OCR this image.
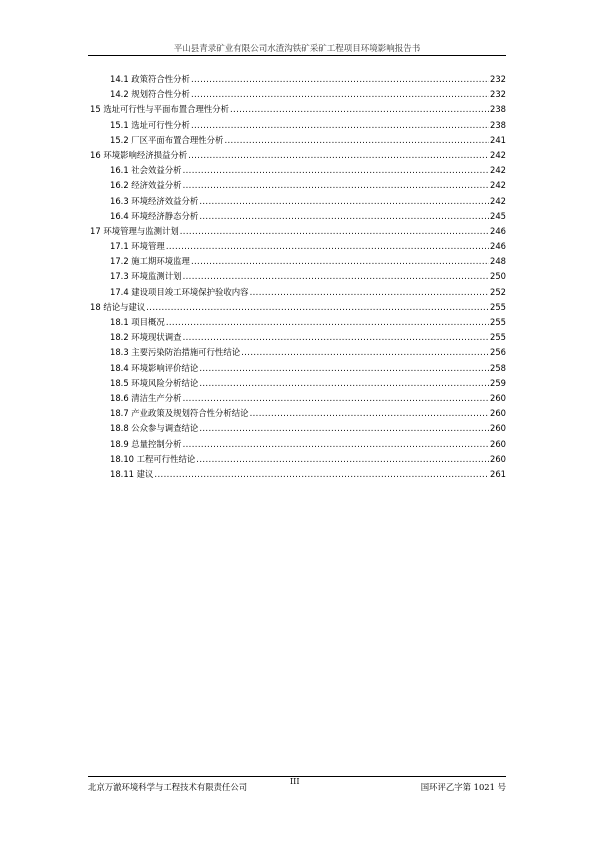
平山县青录矿业有限公司水渣沟铁矿采矿工程项目环境影响报告书
14.1 政策符合性分析 .....	232
14.2 规划符合性分析 .....	232
15 选址可行性与平面布置合理性分析 .....	238
15.1 选址可行性分析 .....	238
15.2 厂区平面布置合理性分析 .....	241
16 环境影响经济损益分析 .....	242
16.1 社会效益分析 .....	242
16.2 经济效益分析 .....	242
16.3 环境经济效益分析 .....	242
16.4 环境经济静态分析 .....	245
17 环境管理与监测计划 .....	246
17.1 环境管理 .....	246
17.2 施工期环境监理 .....	248
17.3 环境监测计划 .....	250
17.4 建设项目竣工环境保护验收内容 .....	252
18 结论与建议 .....	255
18.1 项目概况 .....	255
18.2 环境现状调查 .....	255
18.3 主要污染防治措施可行性结论 .....	256
18.4 环境影响评价结论 .....	258
18.5 环境风险分析结论 .....	259
18.6 清洁生产分析 .....	260
18.7 产业政策及规划符合性分析结论 .....	260
18.8 公众参与调查结论 .....	260
18.9 总量控制分析 .....	260
18.10 工程可行性结论 .....	260
18.11 建议 .....	261
北京万澈环境科学与工程技术有限责任公司
III
国环评乙字第 1021 号
